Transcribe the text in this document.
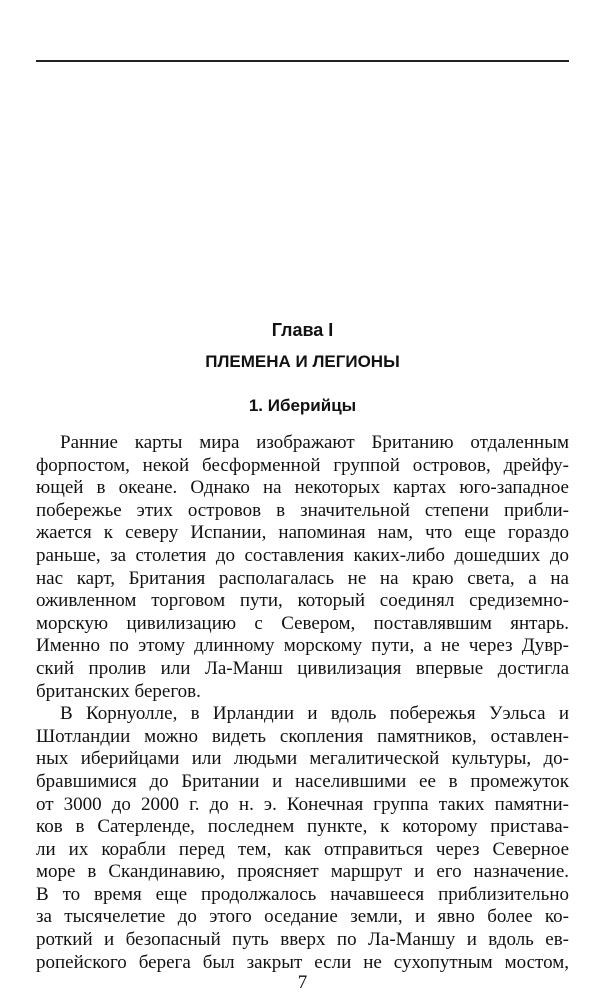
Глава I
ПЛЕМЕНА И ЛЕГИОНЫ
1. Иберийцы
Ранние карты мира изображают Британию отдаленным
форпостом, некой бесформенной группой островов, дрейфу-
ющей в океане. Однако на некоторых картах юго-западное
побережье этих островов в значительной степени прибли-
жается к северу Испании, напоминая нам, что еще гораздо
раньше, за столетия до составления каких-либо дошедших до
нас карт, Британия располагалась не на краю света, а на
оживленном торговом пути, который соединял средиземно-
морскую цивилизацию с Севером, поставлявшим янтарь.
Именно по этому длинному морскому пути, а не через Дувр-
ский пролив или Ла-Манш цивилизация впервые достигла
британских берегов.
В Корнуолле, в Ирландии и вдоль побережья Уэльса и
Шотландии можно видеть скопления памятников, оставлен-
ных иберийцами или людьми мегалитической культуры, до-
бравшимися до Британии и населившими ее в промежуток
от 3000 до 2000 г. до н. э. Конечная группа таких памятни-
ков в Сатерленде, последнем пункте, к которому пристава-
ли их корабли перед тем, как отправиться через Северное
море в Скандинавию, проясняет маршрут и его назначение.
В то время еще продолжалось начавшееся приблизительно
за тысячелетие до этого оседание земли, и явно более ко-
роткий и безопасный путь вверх по Ла-Маншу и вдоль ев-
ропейского берега был закрыт если не сухопутным мостом,
7
